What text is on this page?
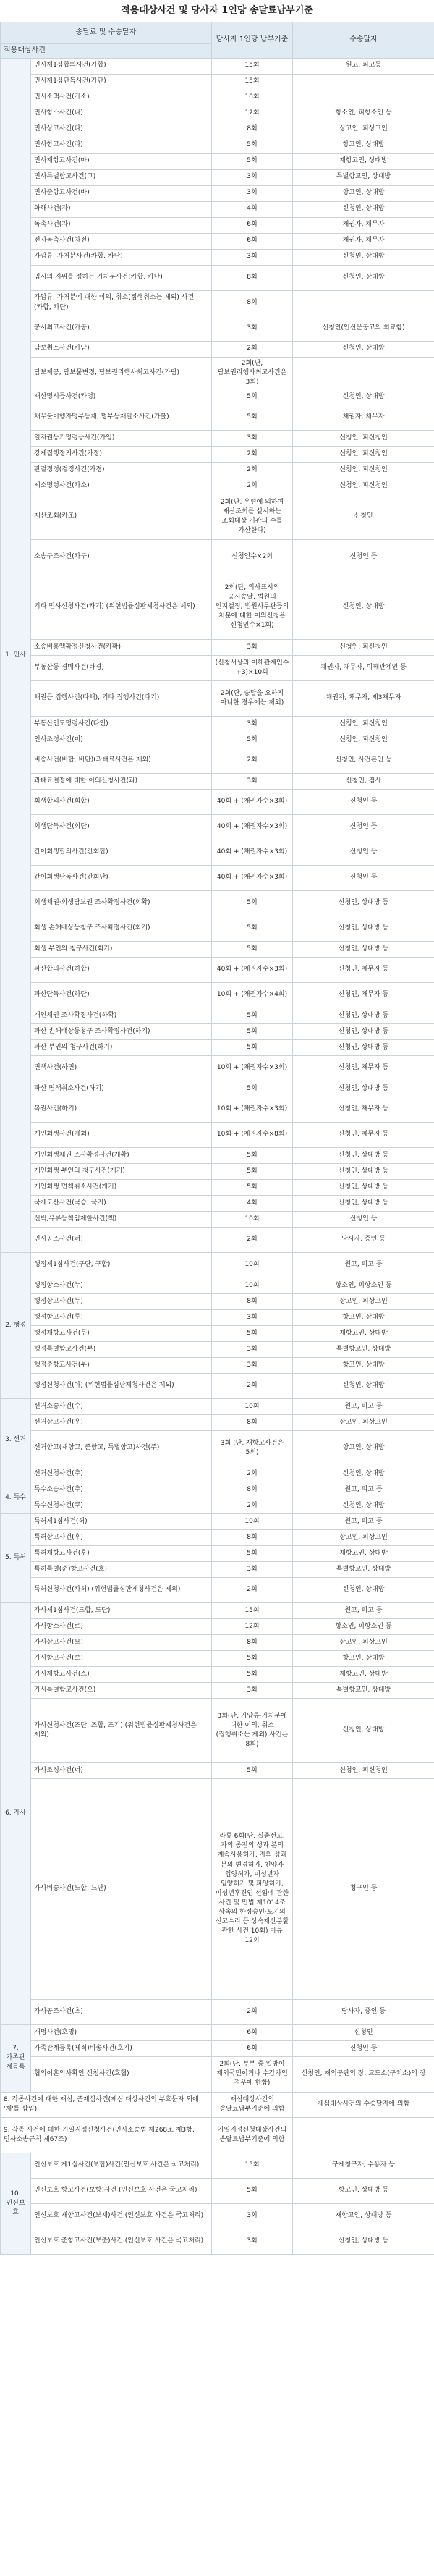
적용대상사건 및 당사자 1인당 송달료납부기준
송달료 및 수송달자		당사자 1인당 납부기준	수송달자
적용대상사건			
1. 민사	민사제1심합의사건(가합)	15회	원고, 피고등
	민사제1심단독사건(가단)	15회	
	민사소액사건(가소)	10회	
	민사항소사건(나)	12회	항소인, 피항소인 등
	민사상고사건(다)	8회	상고인, 피상고인
	민사항고사건(라)	5회	항고인, 상대방
	민사재항고사건(마)	5회	재항고인, 상대방
	민사특별항고사건(그)	3회	특별항고인, 상대방
	민사준항고사건(바)	3회	항고인, 상대방
	화해사건(자)	4회	신청인, 상대방
	독촉사건(차)	6회	채권자, 채무자
	전자독촉사건(차전)	6회	채권자, 채무자
	가압류, 가처분사건(카합, 카단)	3회	신청인, 상대방
	임시의 지위를 정하는 가처분사건(카합, 카단)	8회	신청인, 상대방
	가압류, 가처분에 대한 이의, 취소(집행취소는 제외) 사건(카합, 카단)	8회	
	공시최고사건(카공)	3회	신청인(인신문공고의 회료함)
	담보취소사건(카담)	2회	신청인, 상대방
	담보제공, 담보물변경, 담보권리행사최고사건(카담)	2회(단, 담보권리행사최고사건은 3회)	
	재산명시등사건(카명)	5회	신청인, 상대방
	채무불이행자명부등재, 명부등재말소사건(카불)	5회	채권자, 채무자
	일자권등기명령등사건(카임)	3회	신청인, 피신청인
	강제집행정지사건(카정)	2회	신청인, 피신청인
	판결경정(결정사건(카경)	2회	신청인, 피신청인
	제소명령사건(카소)	2회	신청인, 피신청인
	재산조회(카조)	2회(단, 우편에 의하여 재산조회를 실시하는 조회대상 기관의 수를 가산한다)	신청인
	소송구조사건(카구)	신청인수×2회	신청인 등
	기타 민사신청사건(카기) (위헌법률심판제청사건은 제외)	2회(단, 의사표시의 공시송달, 법원의 인지결정, 법원사무관등의 처분에 대한 이의신청은 신청인수×1회)	신청인, 상대방
	소송비용액확정신청사건(카확)	3회	신청인, 피신청인
	부동산등 경매사건(타경)	(신청서상의 이해관계인수+3)×10회	채권자, 채무자, 이해관계인 등
	채권등 집행사건(타채), 기타 집행사건(타기)	2회(단, 송달을 요하지 아니한 경우에는 제외)	채권자, 채무자, 제3채무자
	부동산인도명령사건(타인)	3회	신청인, 피신청인
	인사조정사건(머)	5회	신청인, 피신청인
	비송사건(비합, 비단)(과태료사건은 제외)	2회	신청인, 사건본인 등
	과태료결정에 대한 이의신청사건(과)	3회	신청인, 검사
	회생합의사건(회합)	40회 + (채권자수×3회)	신청인 등
	회생단독사건(회단)	40회 + (채권자수×3회)	신청인 등
	간이회생합의사건(간회합)	40회 + (채권자수×3회)	신청인 등
	간이회생단독사건(간회단)	40회 + (채권자수×3회)	신청인 등
	회생채권·회생담보권 조사확정사건(회확)	5회	신청인, 상대방 등
	회생 손해배상등청구 조사확정사건(회기)	5회	신청인, 상대방 등
	회생 부인의 청구사건(회기)	5회	신청인, 상대방 등
	파산합의사건(하합)	40회 + (채권자수×3회)	신청인, 채무자 등
	파산단독사건(하단)	10회 + (채권자수×4회)	신청인, 채무자 등
	개인채권 조사확정사건(하확)	5회	신청인, 상대방 등
	파산 손해배상등청구 조사확정사건(하기)	5회	신청인, 상대방 등
	파산 부인의 청구사건(하기)	5회	신청인, 상대방 등
	면책사건(하면)	10회 + (채권자수×3회)	신청인, 채무자 등
	파산 면책취소사건(하기)	5회	신청인, 상대방 등
	복권사건(하기)	10회 + (채권자수×3회)	신청인, 채무자 등
	개인회생사건(개회)	10회 + (채권자수×8회)	신청인, 채무자 등
	개인회생채권 조사확정사건(개확)	5회	신청인, 상대방 등
	개인회생 부인의 청구사건(개기)	5회	신청인, 상대방 등
	개인회생 면책취소사건(개기)	5회	신청인, 상대방 등
	국제도산사건(국승, 국지)	4회	신청인, 상대방 등
	선박,유류등책임제한사건(책)	10회	신청인 등
	민사공조사건(러)	2회	당사자, 증인 등
2. 행정	행정제1심사건(구단, 구합)	10회	원고, 피고 등
	행정항소사건(누)	10회	항소인, 피항소인 등
	행정상고사건(두)	8회	상고인, 피상고인
	행정항고사건(루)	3회	항고인, 상대방
	행정재항고사건(무)	5회	재항고인, 상대방
	행정특별항고사건(부)	3회	특별항고인, 상대방
	행정준항고사건(부)	3회	항고인, 상대방
	행정신청사건(아) (위헌법률심판제청사건은 제외)	2회	신청인, 상대방
3. 선거	선거소송사건(수)	10회	원고, 피고 등
	선거상고사건(우)	8회	상고인, 피상고인
	선거항고(재항고, 준항고, 특별항고)사건(주)	3회 (단, 재항고사건은 5회)	항고인, 상대방
	선거신청사건(추)	2회	신청인, 상대방
4. 특수	특수소송사건(추)	8회	원고, 피고 등
	특수신청사건(쿠)	2회	신청인, 상대방
5. 특허	특허제1심사건(허)	10회	원고, 피고 등
	특허상고사건(후)	8회	상고인, 피상고인
	특허재항고사건(후)	5회	재항고인, 상대방
	특허특별(준)항고사건(흐)	3회	특별항고인, 상대방
	특허신청사건(카허) (위헌법률심판제청사건은 제외)	2회	신청인, 상대방
6. 가사	가사제1심사건(드합, 드단)	15회	원고, 피고 등
	가사항소사건(르)	12회	항소인, 피항소인 등
	가사상고사건(므)	8회	상고인, 피상고인
	가사항고사건(브)	5회	항고인, 상대방
	가사재항고사건(스)	5회	재항고인, 상대방
	가사특별항고사건(으)	3회	특별항고인, 상대방
	가사신청사건(즈단, 즈합, 즈기) (위헌법률심판제청사건은 제외)	3회(단, 가압류·가처분에 대한 이의, 취소(집행취소는 제외) 사건은 8회)	신청인, 상대방
	가사조정사건(너)	5회	신청인, 피신청인
	가사비송사건(느합, 느단)	라류 6회(단, 실종선고, 자의 종전의 성과 본의 계속사용허가, 자의 성과 본의 변경허가, 친양자 입양허가, 미성년자 입양허가 및 파양허가, 미성년후견인 선임에 관한 사건 및 민법 제1014조 상속의 한정승인·포기의 신고수리 등 상속재산분할 관한 사건 10회) 마류 12회	청구인 등
	가사공조사건(츠)	2회	당사자, 증인 등
7. 가족관계등록	개명사건(호명)	6회	신청인
	가족관계등록(제적)비송사건(호기)	6회	신청인 등
	협의이혼의사확인 신청사건(호협)	2회(단, 부부 중 일방이 재외국민이거나 수감자인 경우에 한함)	신청인, 재외공관의 장, 교도소(구치소)의 장
8. 각종사건에 대한 재심, 준재심사건(제심 대상사건의 부호문자 외에 '재'를 삽입)		재심대상사건의 송달료납부기준에 의함	재심대상사건의 수송달자에 의함
9. 각종 사건에 대한 기일지정신청사건(민사소송법 제268조 제3항, 민사소송규칙 제67조)		기일지정신청대상사건의 송달료납부기준에 의함	
10. 인신보호	인신보호 제1심사건(보합)사건(인신보호 사건은 국고처리)	15회	구제청구자, 수용자 등
	인신보호 항고사건(보항)사건 (인신보호 사건은 국고처리)	5회	항고인, 상대방 등
	인신보호 재항고사건(보재)사건 (인신보호 사건은 국고처리)	3회	재항고인, 상대방 등
	인신보호 준항고사건(보준)사건 (인신보호 사건은 국고처리)	3회	신청인, 상대방 등
